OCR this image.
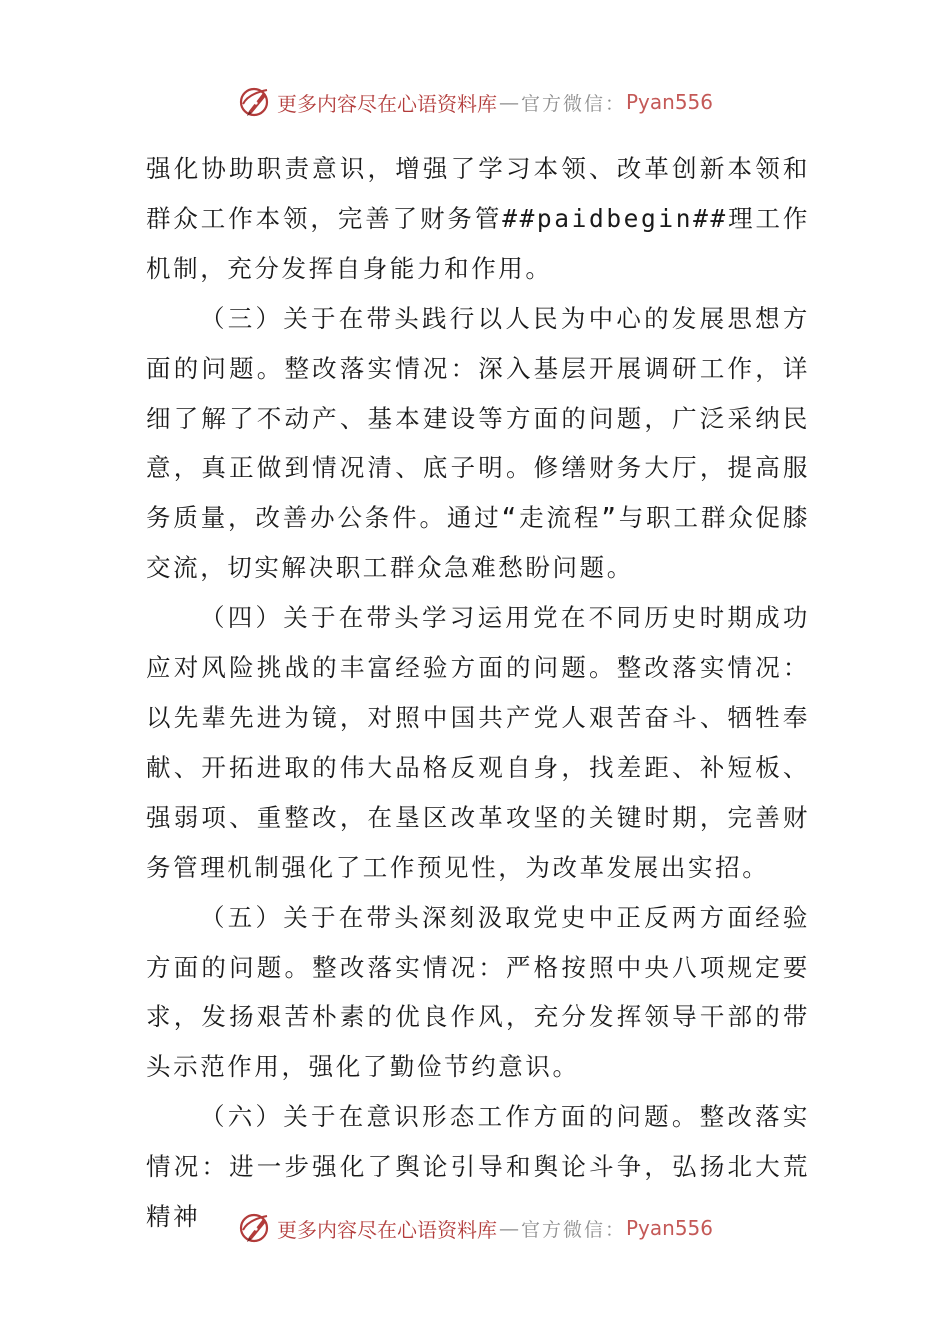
更多内容尽在心语资料库 — 官方微信： Pyan556

强化协助职责意识，增强了学习本领、改革创新本领和群众工作本领，完善了财务管##paidbegin##理工作机制，充分发挥自身能力和作用。

（三）关于在带头践行以人民为中心的发展思想方面的问题。整改落实情况：深入基层开展调研工作，详细了解了不动产、基本建设等方面的问题，广泛采纳民意，真正做到情况清、底子明。修缮财务大厅，提高服务质量，改善办公条件。通过“走流程”与职工群众促膝交流，切实解决职工群众急难愁盼问题。

（四）关于在带头学习运用党在不同历史时期成功应对风险挑战的丰富经验方面的问题。整改落实情况：以先辈先进为镜，对照中国共产党人艰苦奋斗、牺牲奉献、开拓进取的伟大品格反观自身，找差距、补短板、强弱项、重整改，在垦区改革攻坚的关键时期，完善财务管理机制强化了工作预见性，为改革发展出实招。

（五）关于在带头深刻汲取党史中正反两方面经验方面的问题。整改落实情况：严格按照中央八项规定要求，发扬艰苦朴素的优良作风，充分发挥领导干部的带头示范作用，强化了勤俭节约意识。

（六）关于在意识形态工作方面的问题。整改落实情况：进一步强化了舆论引导和舆论斗争，弘扬北大荒精神	更多内容尽在心语资料库 — 官方微信： Pyan556
